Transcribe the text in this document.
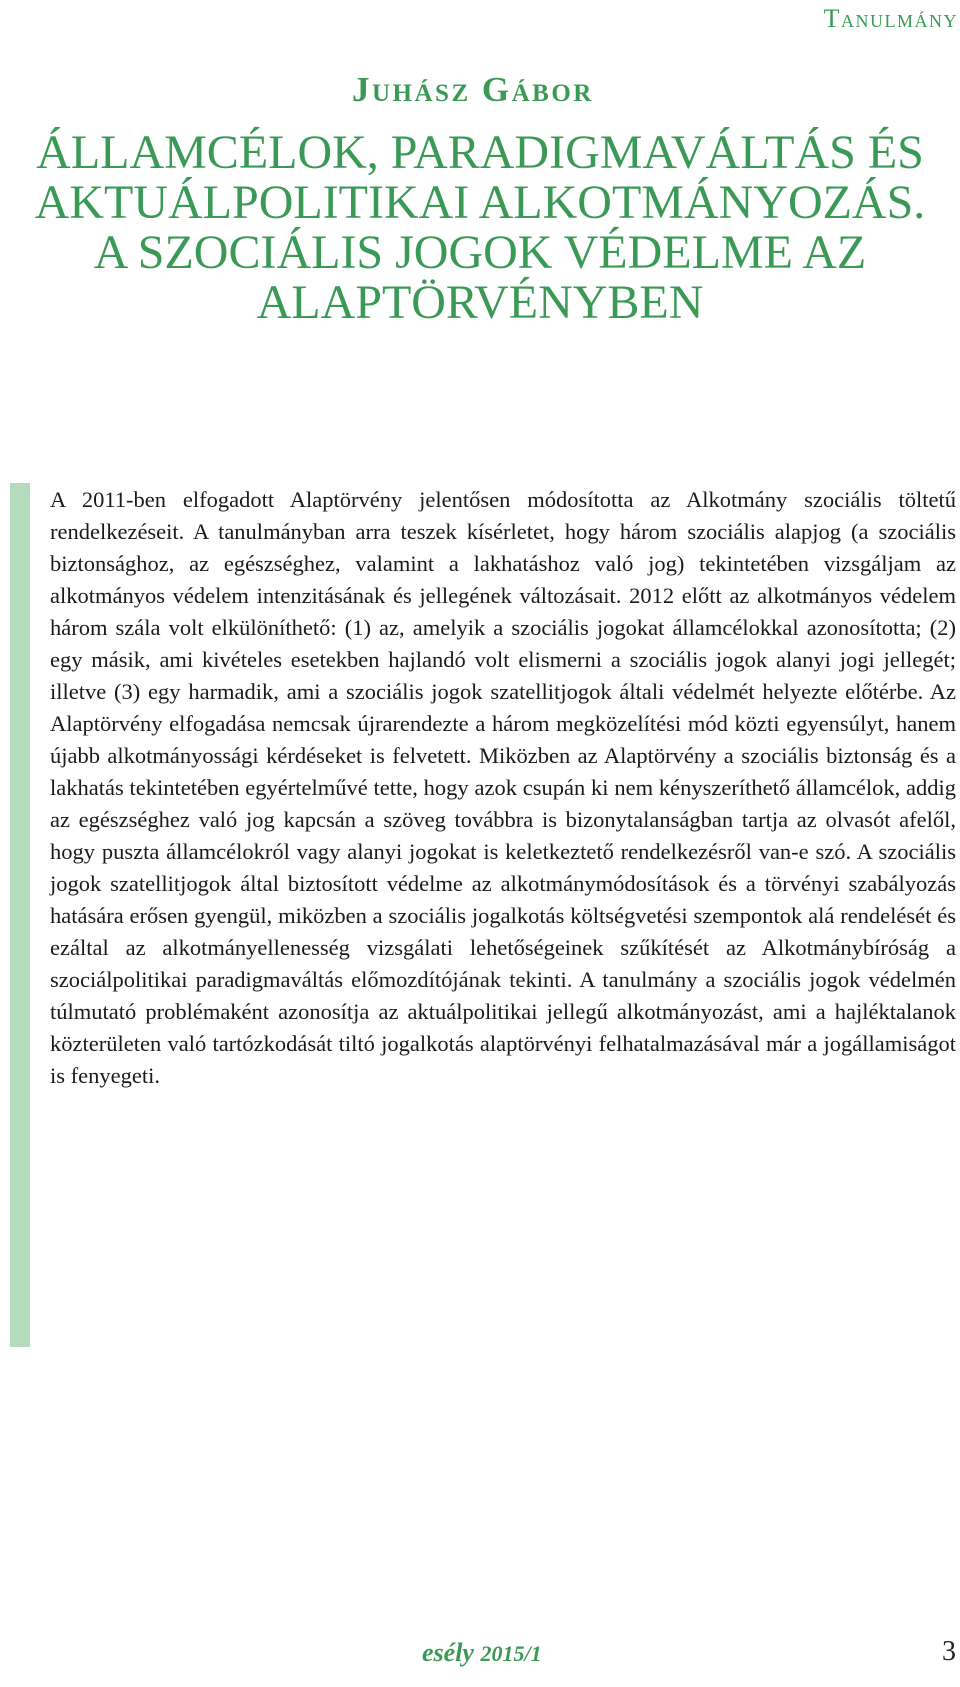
Tanulmány
Juhász Gábor
ÁLLAMCÉLOK, PARADIGMAVÁLTÁS ÉS
AKTUÁLPOLITIKAI ALKOTMÁNYOZÁS.
A SZOCIÁLIS JOGOK VÉDELME AZ
ALAPTÖRVÉNYBEN

A 2011-ben elfogadott Alaptörvény jelentősen módosította az Alkotmány szociális töltetű rendelkezéseit. A tanulmányban arra teszek kísérletet, hogy három szociális alapjog (a szociális biztonsághoz, az egészséghez, valamint a lakhatáshoz való jog) tekintetében vizsgáljam az alkotmányos védelem intenzitásának és jellegének változásait. 2012 előtt az alkotmányos védelem három szála volt elkülöníthető: (1) az, amelyik a szociális jogokat államcélokkal azonosította; (2) egy másik, ami kivételes esetekben hajlandó volt elismerni a szociális jogok alanyi jogi jellegét; illetve (3) egy harmadik, ami a szociális jogok szatellitjogok általi védelmét helyezte előtérbe. Az Alaptörvény elfogadása nemcsak újrarendezte a három megközelítési mód közti egyensúlyt, hanem újabb alkotmányossági kérdéseket is felvetett. Miközben az Alaptörvény a szociális biztonság és a lakhatás tekintetében egyértelművé tette, hogy azok csupán ki nem kényszeríthető államcélok, addig az egészséghez való jog kapcsán a szöveg továbbra is bizonytalanságban tartja az olvasót afelől, hogy puszta államcélokról vagy alanyi jogokat is keletkeztető rendelkezésről van-e szó. A szociális jogok szatellitjogok által biztosított védelme az alkotmánymódosítások és a törvényi szabályozás hatására erősen gyengül, miközben a szociális jogalkotás költségvetési szempontok alá rendelését és ezáltal az alkotmányellenesség vizsgálati lehetőségeinek szűkítését az Alkotmánybíróság a szociálpolitikai paradigmaváltás előmozdítójának tekinti. A tanulmány a szociális jogok védelmén túlmutató problémaként azonosítja az aktuálpolitikai jellegű alkotmányozást, ami a hajléktalanok közterületen való tartózkodását tiltó jogalkotás alaptörvényi felhatalmazásával már a jogállamiságot is fenyegeti.

esély 2015/1	3
